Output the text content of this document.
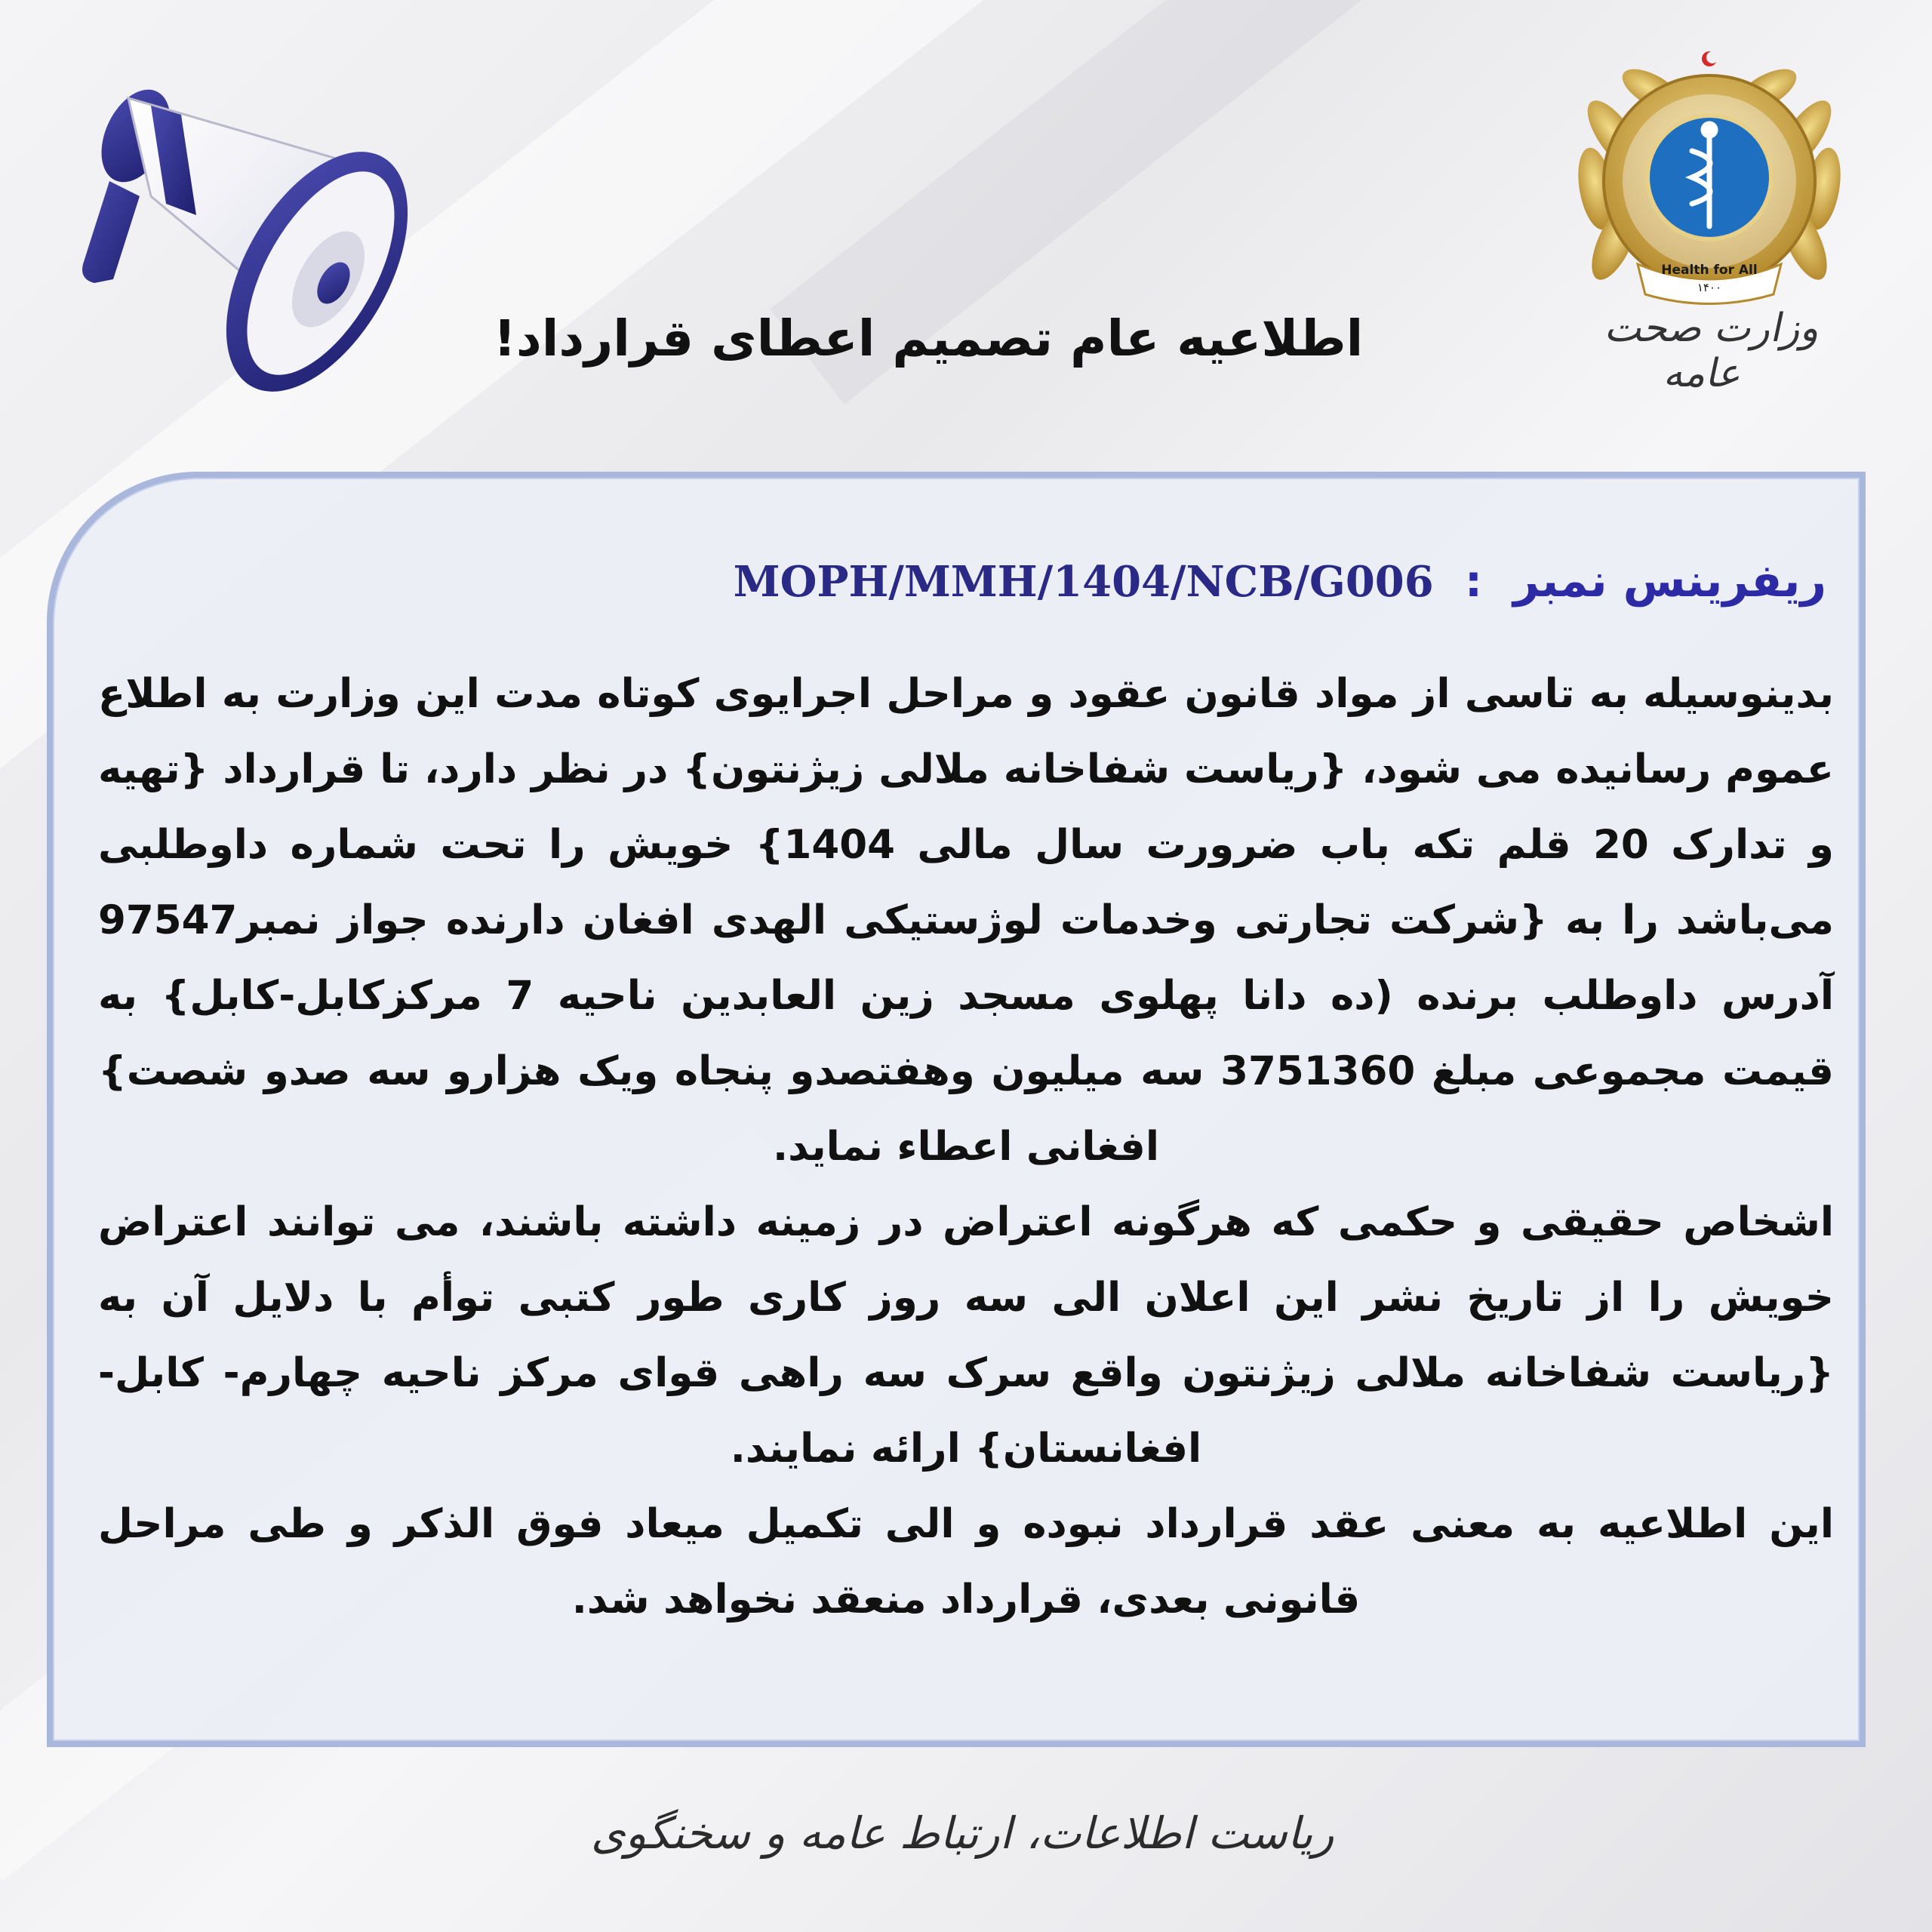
Health for All
۱۴۰۰
وزارت صحت عامه
اطلاعیه عام تصمیم اعطای قرارداد!
ریفرینس نمبر : MOPH/MMH/1404/NCB/G006

بدینوسیله به تاسی از مواد قانون عقود و مراحل اجرایوی کوتاه مدت این وزارت به اطلاع عموم رسانیده می شود، {ریاست شفاخانه ملالی زیژنتون} در نظر دارد، تا قرارداد {تهیه و تدارک 20 قلم تکه باب ضرورت سال مالی 1404} خویش را تحت شماره داوطلبی می‌باشد را به {شرکت تجارتی وخدمات لوژستیکی الهدی افغان دارنده جواز نمبر97547 آدرس داوطلب برنده (ده دانا پهلوی مسجد زین العابدین ناحیه 7 مرکزکابل-کابل} به قیمت مجموعی مبلغ 3751360 سه میلیون وهفتصدو پنجاه ویک هزارو سه صدو شصت} افغانی اعطاء نماید.

اشخاص حقیقی و حکمی که هرگونه اعتراض در زمینه داشته باشند، می توانند اعتراض خویش را از تاریخ نشر این اعلان الی سه روز کاری طور کتبی توأم با دلایل آن به {ریاست شفاخانه ملالی زیژنتون واقع سرک سه راهی قوای مرکز ناحیه چهارم- کابل- افغانستان} ارائه نمایند.

این اطلاعیه به معنی عقد قرارداد نبوده و الی تکمیل میعاد فوق الذکر و طی مراحل قانونی بعدی، قرارداد منعقد نخواهد شد.

ریاست اطلاعات، ارتباط عامه و سخنگوی
